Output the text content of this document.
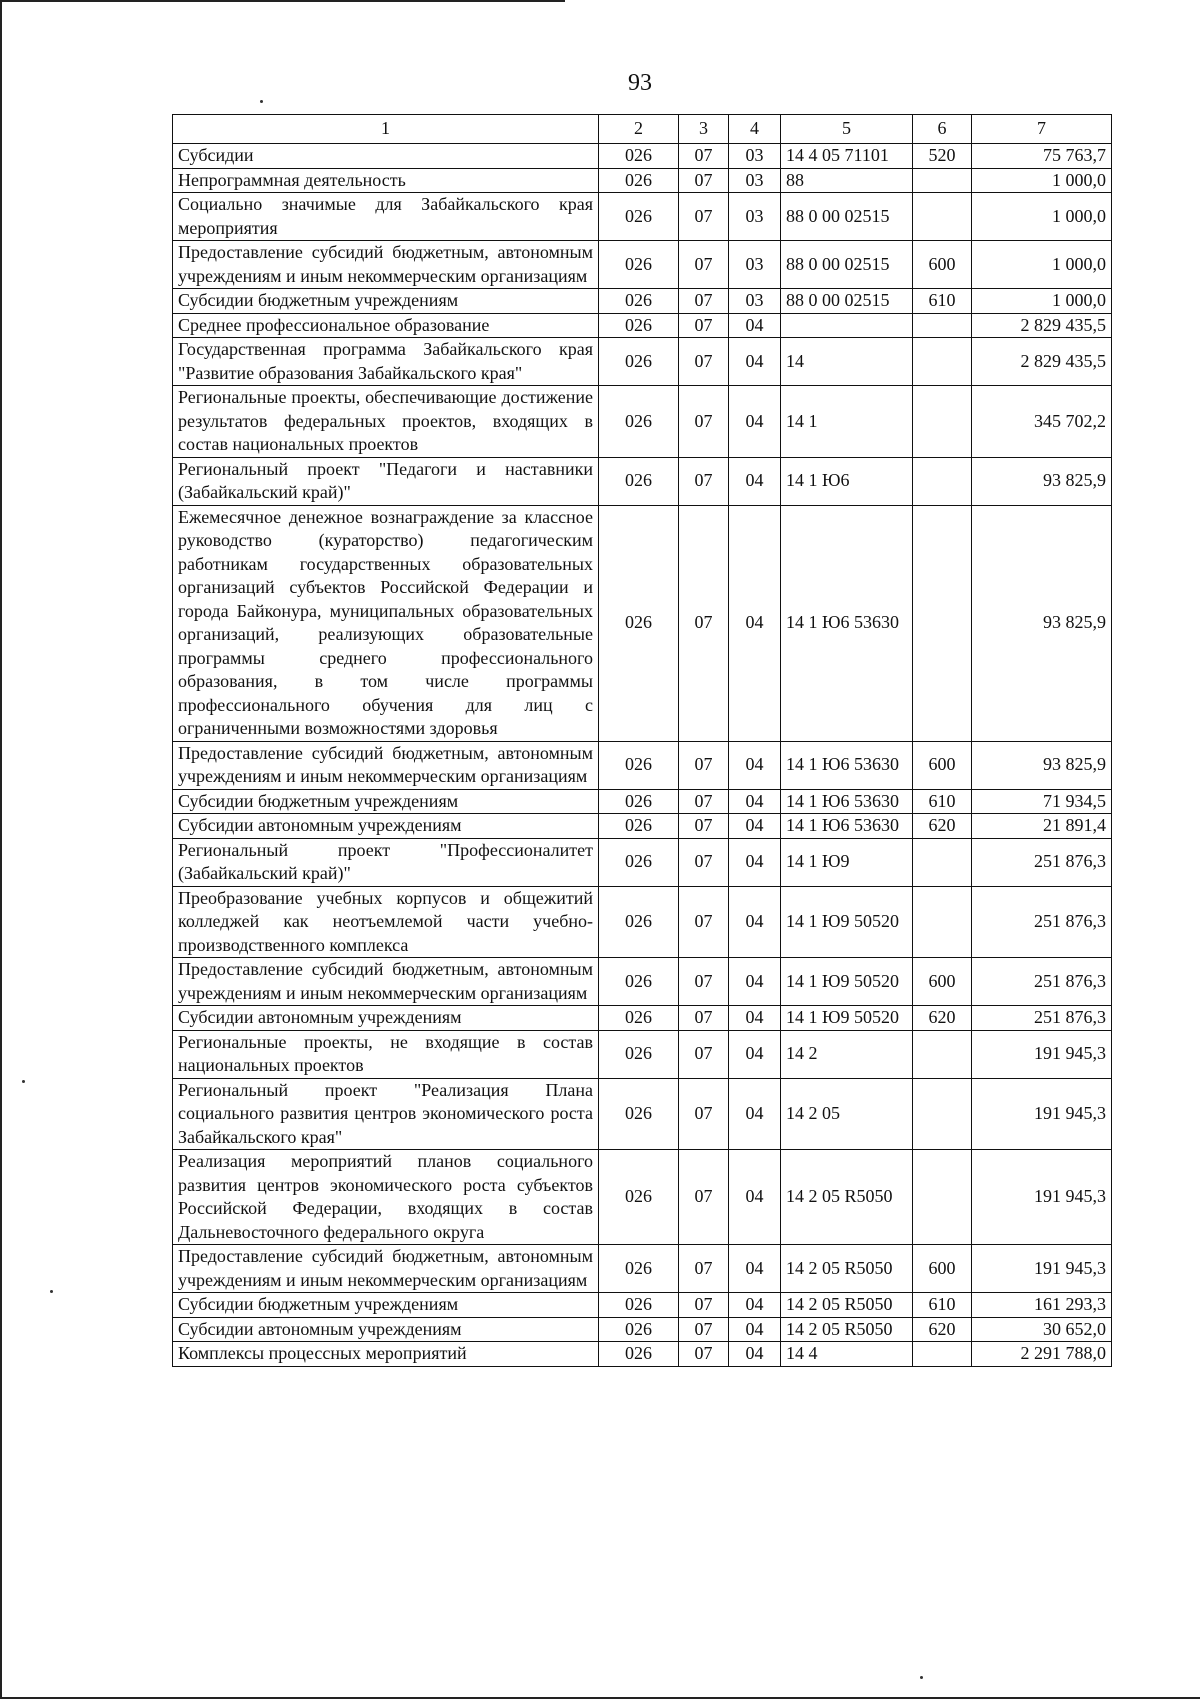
93
1	2	3	4	5	6	7
Субсидии	026	07	03	14 4 05 71101	520	75 763,7
Непрограммная деятельность	026	07	03	88		1 000,0
Социально значимые для Забайкальского края мероприятия	026	07	03	88 0 00 02515		1 000,0
Предоставление субсидий бюджетным, автономным учреждениям и иным некоммерческим организациям	026	07	03	88 0 00 02515	600	1 000,0
Субсидии бюджетным учреждениям	026	07	03	88 0 00 02515	610	1 000,0
Среднее профессиональное образование	026	07	04			2 829 435,5
Государственная программа Забайкальского края "Развитие образования Забайкальского края"	026	07	04	14		2 829 435,5
Региональные проекты, обеспечивающие достижение результатов федеральных проектов, входящих в состав национальных проектов	026	07	04	14 1		345 702,2
Региональный проект "Педагоги и наставники (Забайкальский край)"	026	07	04	14 1 Ю6		93 825,9
Ежемесячное денежное вознаграждение за классное руководство (кураторство) педагогическим работникам государственных образовательных организаций субъектов Российской Федерации и города Байконура, муниципальных образовательных организаций, реализующих образовательные программы среднего профессионального образования, в том числе программы профессионального обучения для лиц с ограниченными возможностями здоровья	026	07	04	14 1 Ю6 53630		93 825,9
Предоставление субсидий бюджетным, автономным учреждениям и иным некоммерческим организациям	026	07	04	14 1 Ю6 53630	600	93 825,9
Субсидии бюджетным учреждениям	026	07	04	14 1 Ю6 53630	610	71 934,5
Субсидии автономным учреждениям	026	07	04	14 1 Ю6 53630	620	21 891,4
Региональный проект "Профессионалитет (Забайкальский край)"	026	07	04	14 1 Ю9		251 876,3
Преобразование учебных корпусов и общежитий колледжей как неотъемлемой части учебно-производственного комплекса	026	07	04	14 1 Ю9 50520		251 876,3
Предоставление субсидий бюджетным, автономным учреждениям и иным некоммерческим организациям	026	07	04	14 1 Ю9 50520	600	251 876,3
Субсидии автономным учреждениям	026	07	04	14 1 Ю9 50520	620	251 876,3
Региональные проекты, не входящие в состав национальных проектов	026	07	04	14 2		191 945,3
Региональный проект "Реализация Плана социального развития центров экономического роста Забайкальского края"	026	07	04	14 2 05		191 945,3
Реализация мероприятий планов социального развития центров экономического роста субъектов Российской Федерации, входящих в состав Дальневосточного федерального округа	026	07	04	14 2 05 R5050		191 945,3
Предоставление субсидий бюджетным, автономным учреждениям и иным некоммерческим организациям	026	07	04	14 2 05 R5050	600	191 945,3
Субсидии бюджетным учреждениям	026	07	04	14 2 05 R5050	610	161 293,3
Субсидии автономным учреждениям	026	07	04	14 2 05 R5050	620	30 652,0
Комплексы процессных мероприятий	026	07	04	14 4		2 291 788,0
